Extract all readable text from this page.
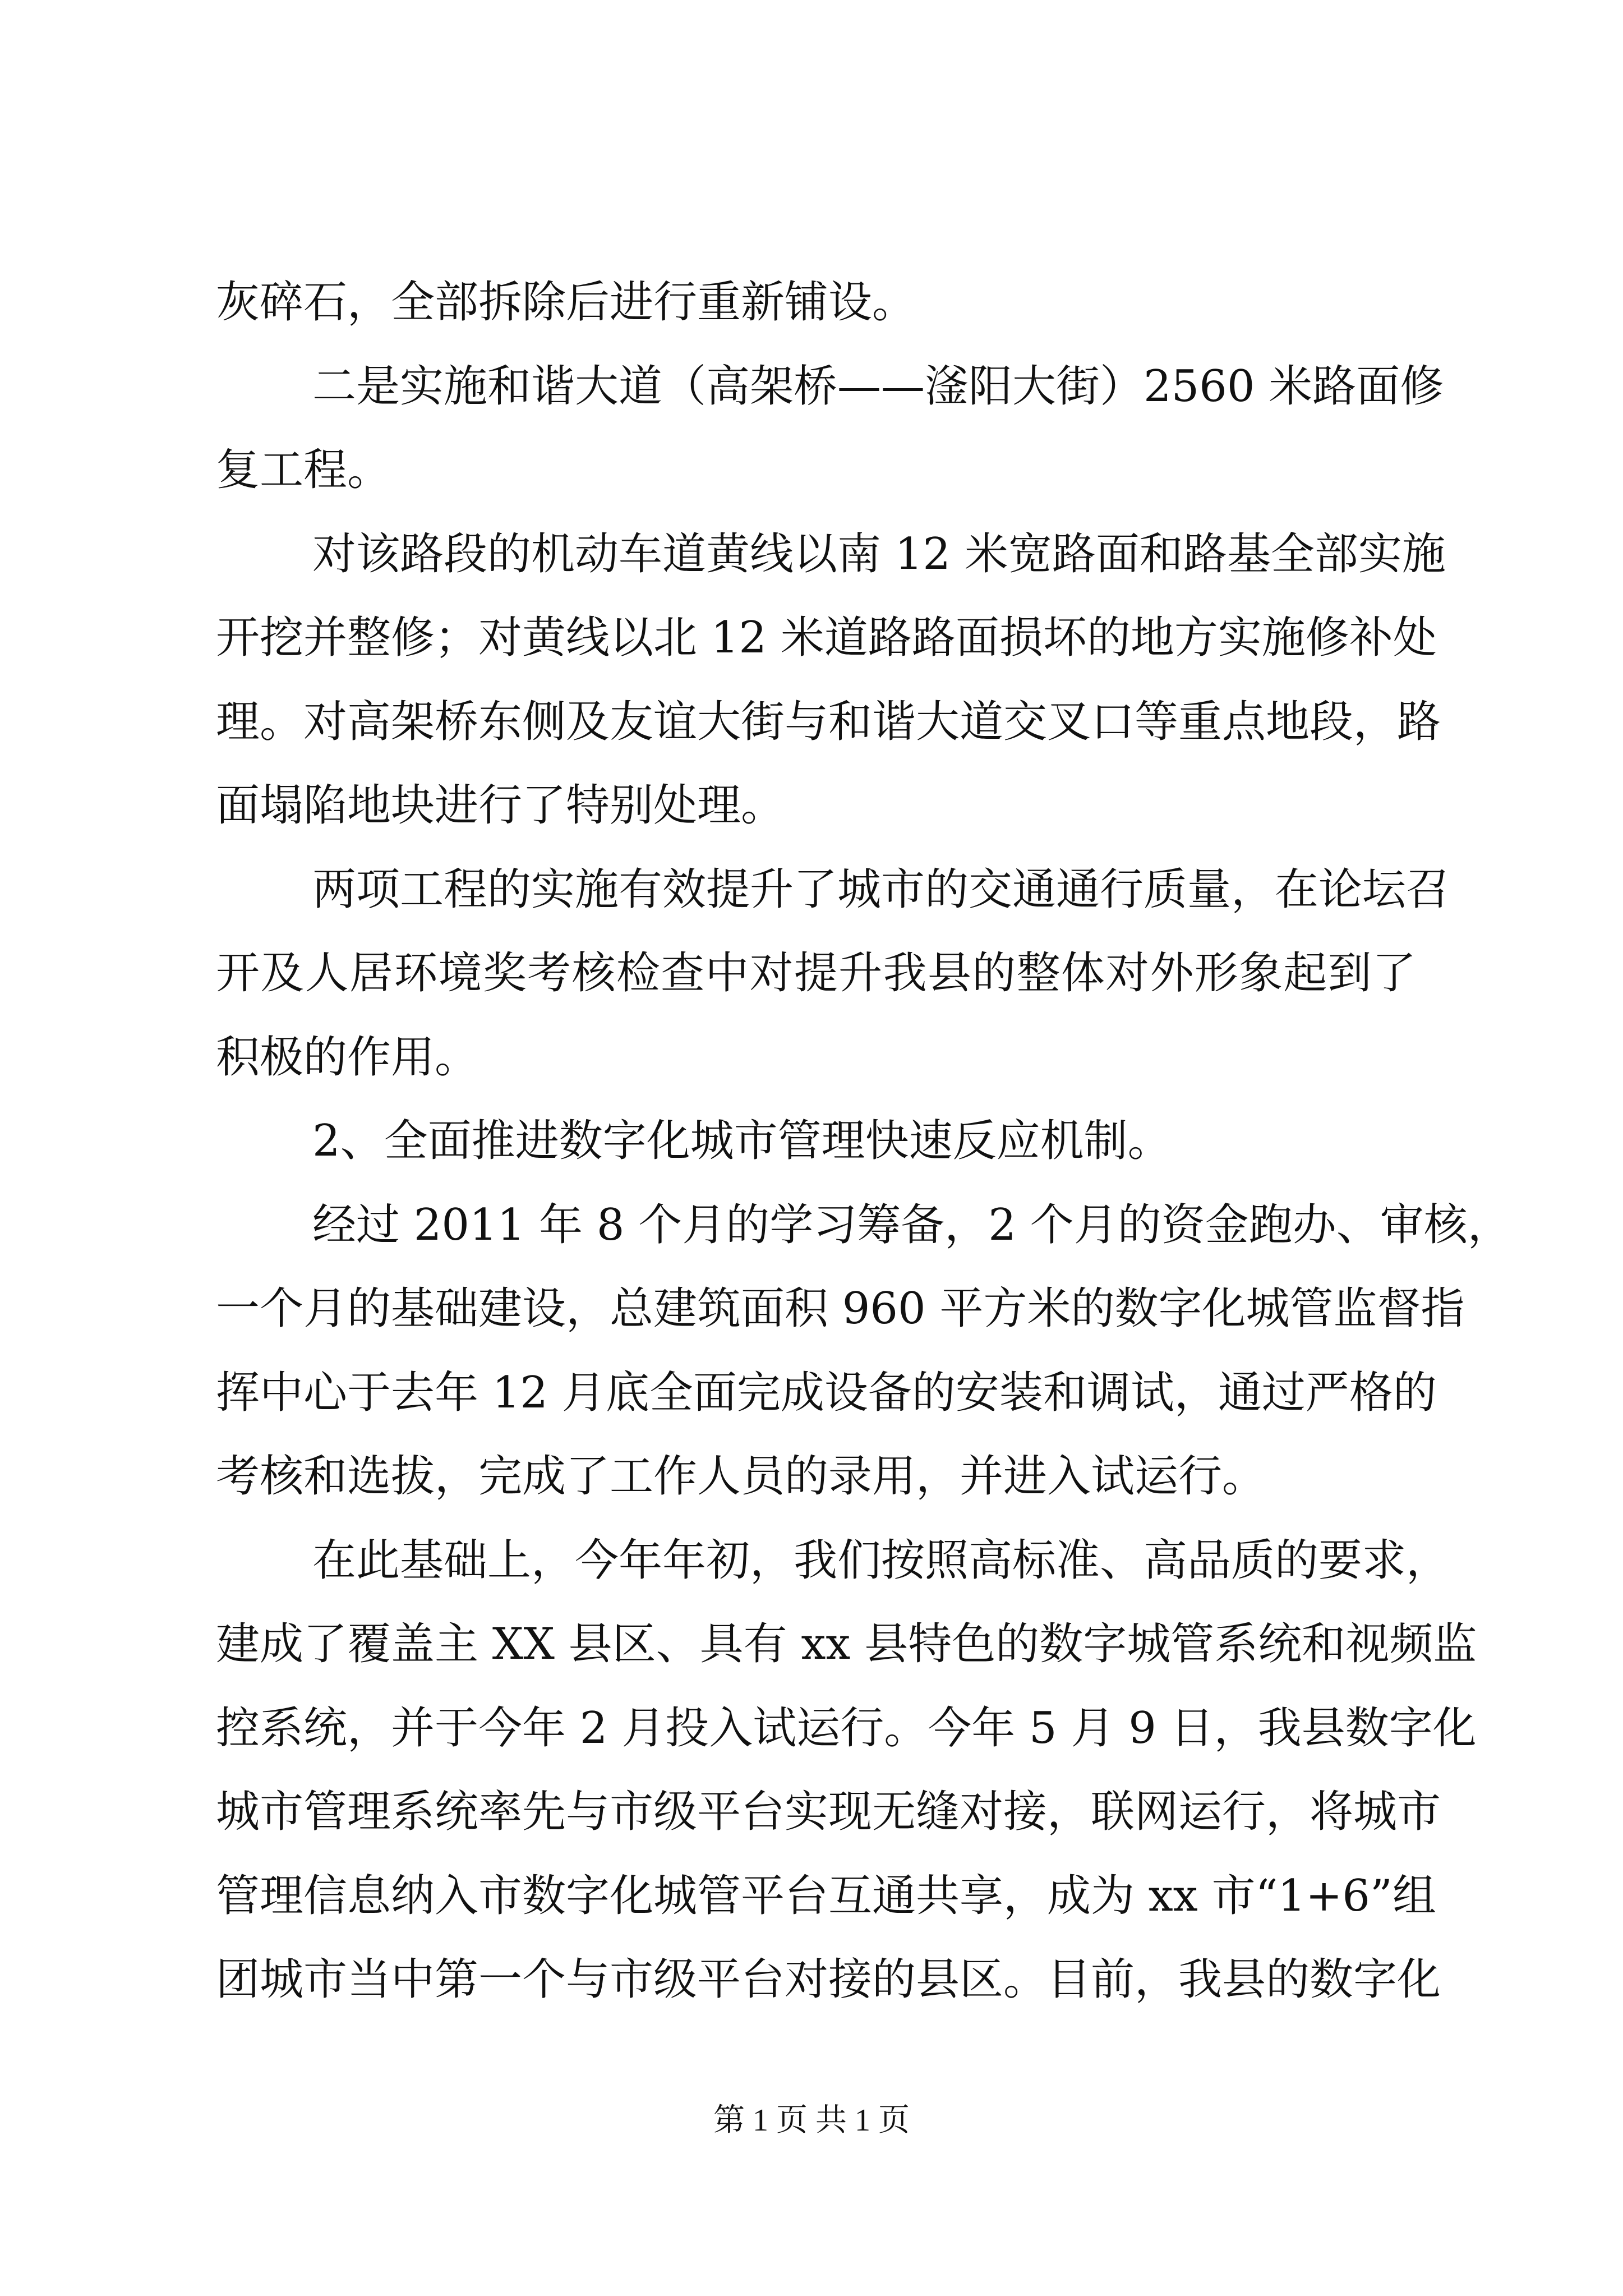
灰碎石，全部拆除后进行重新铺设。
二是实施和谐大道（高架桥——滏阳大街）2560 米路面修
复工程。
对该路段的机动车道黄线以南 12 米宽路面和路基全部实施
开挖并整修；对黄线以北 12 米道路路面损坏的地方实施修补处
理。对高架桥东侧及友谊大街与和谐大道交叉口等重点地段，路
面塌陷地块进行了特别处理。
两项工程的实施有效提升了城市的交通通行质量，在论坛召
开及人居环境奖考核检查中对提升我县的整体对外形象起到了
积极的作用。
2、全面推进数字化城市管理快速反应机制。
经过 2011 年 8 个月的学习筹备，2 个月的资金跑办、审核，
一个月的基础建设，总建筑面积 960 平方米的数字化城管监督指
挥中心于去年 12 月底全面完成设备的安装和调试，通过严格的
考核和选拔，完成了工作人员的录用，并进入试运行。
在此基础上，今年年初，我们按照高标准、高品质的要求，
建成了覆盖主 XX 县区、具有 xx 县特色的数字城管系统和视频监
控系统，并于今年 2 月投入试运行。今年 5 月 9 日，我县数字化
城市管理系统率先与市级平台实现无缝对接，联网运行，将城市
管理信息纳入市数字化城管平台互通共享，成为 xx 市“1+6”组
团城市当中第一个与市级平台对接的县区。目前，我县的数字化
第 1 页 共 1 页
